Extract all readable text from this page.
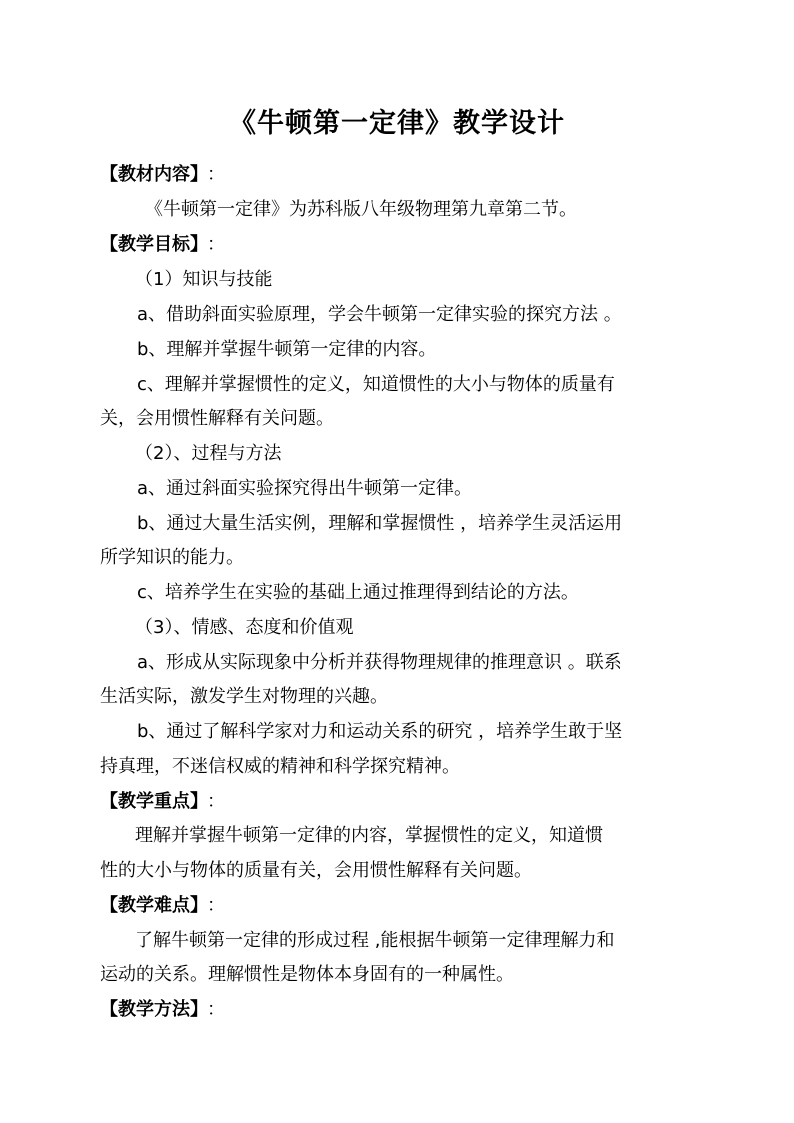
《牛顿第一定律》教学设计
【教材内容】 ：
《牛顿第一定律》为苏科版八年级物理第九章第二节。
【教学目标】 ：
（1）知识与技能
a、借助斜面实验原理，学会牛顿第一定律实验的探究方法 。
b、理解并掌握牛顿第一定律的内容。
c、理解并掌握惯性的定义，知道惯性的大小与物体的质量有
关，会用惯性解释有关问题。
（2）、过程与方法
a、通过斜面实验探究得出牛顿第一定律。
b、通过大量生活实例，理解和掌握惯性 ，培养学生灵活运用
所学知识的能力。
c、培养学生在实验的基础上通过推理得到结论的方法。
（3）、情感、态度和价值观
a、形成从实际现象中分析并获得物理规律的推理意识 。联系
生活实际，激发学生对物理的兴趣。
b、通过了解科学家对力和运动关系的研究 ，培养学生敢于坚
持真理，不迷信权威的精神和科学探究精神。
【教学重点】 ：
理解并掌握牛顿第一定律的内容，掌握惯性的定义，知道惯
性的大小与物体的质量有关，会用惯性解释有关问题。
【教学难点】 ：
了解牛顿第一定律的形成过程 ,能根据牛顿第一定律理解力和
运动的关系。理解惯性是物体本身固有的一种属性。
【教学方法】 ：
